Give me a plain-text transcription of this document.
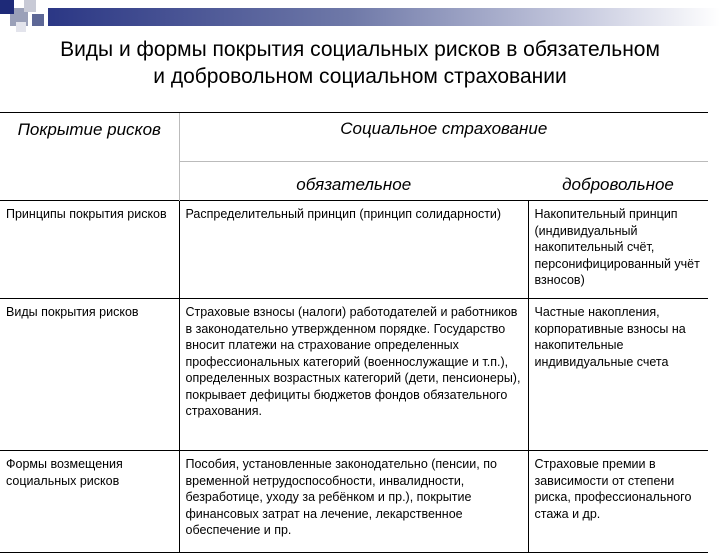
Виды и формы покрытия социальных рисков в обязательном и добровольном социальном страховании
Покрытие рисков	Социальное страхование	
	обязательное	добровольное
Принципы покрытия рисков	Распределительный принцип (принцип солидарности)	Накопительный принцип (индивидуальный накопительный счёт, персонифицированный учёт взносов)
Виды покрытия рисков	Страховые взносы (налоги) работодателей и работников в законодательно утвержденном порядке. Государство вносит платежи на страхование определенных профессиональных категорий (военнослужащие и т.п.), определенных возрастных категорий (дети, пенсионеры), покрывает дефициты бюджетов фондов обязательного страхования.	Частные накопления, корпоративные взносы на накопительные индивидуальные счета
Формы возмещения социальных рисков	Пособия, установленные законодательно (пенсии, по временной нетрудоспособности, инвалидности, безработице, уходу за ребёнком и пр.), покрытие финансовых затрат на лечение, лекарственное обеспечение и пр.	Страховые премии в зависимости от степени риска, профессионального стажа и др.
